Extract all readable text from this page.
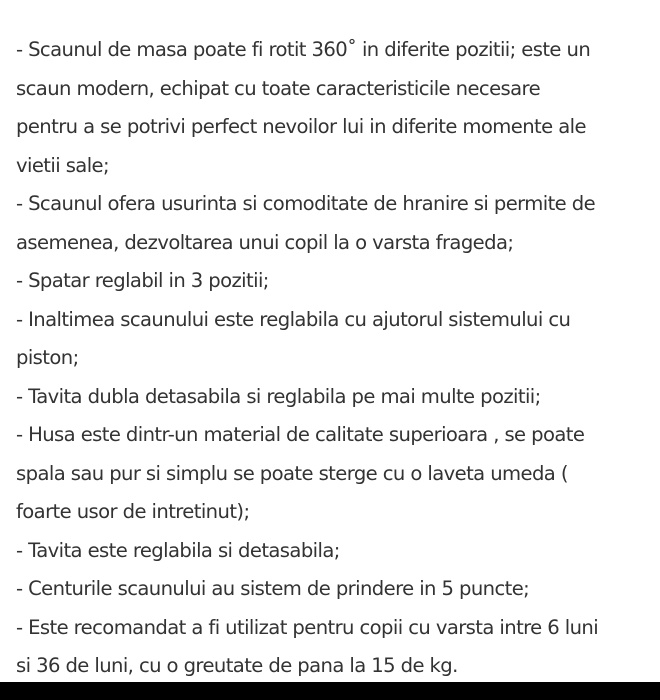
- Scaunul de masa poate fi rotit 360˚ in diferite pozitii; este un
scaun modern, echipat cu toate caracteristicile necesare
pentru a se potrivi perfect nevoilor lui in diferite momente ale
vietii sale;
- Scaunul ofera usurinta si comoditate de hranire si permite de
asemenea, dezvoltarea unui copil la o varsta frageda;
- Spatar reglabil in 3 pozitii;
- Inaltimea scaunului este reglabila cu ajutorul sistemului cu
piston;
- Tavita dubla detasabila si reglabila pe mai multe pozitii;
- Husa este dintr-un material de calitate superioara , se poate
spala sau pur si simplu se poate sterge cu o laveta umeda (
foarte usor de intretinut);
- Tavita este reglabila si detasabila;
- Centurile scaunului au sistem de prindere in 5 puncte;
- Este recomandat a fi utilizat pentru copii cu varsta intre 6 luni
si 36 de luni, cu o greutate de pana la 15 de kg.
